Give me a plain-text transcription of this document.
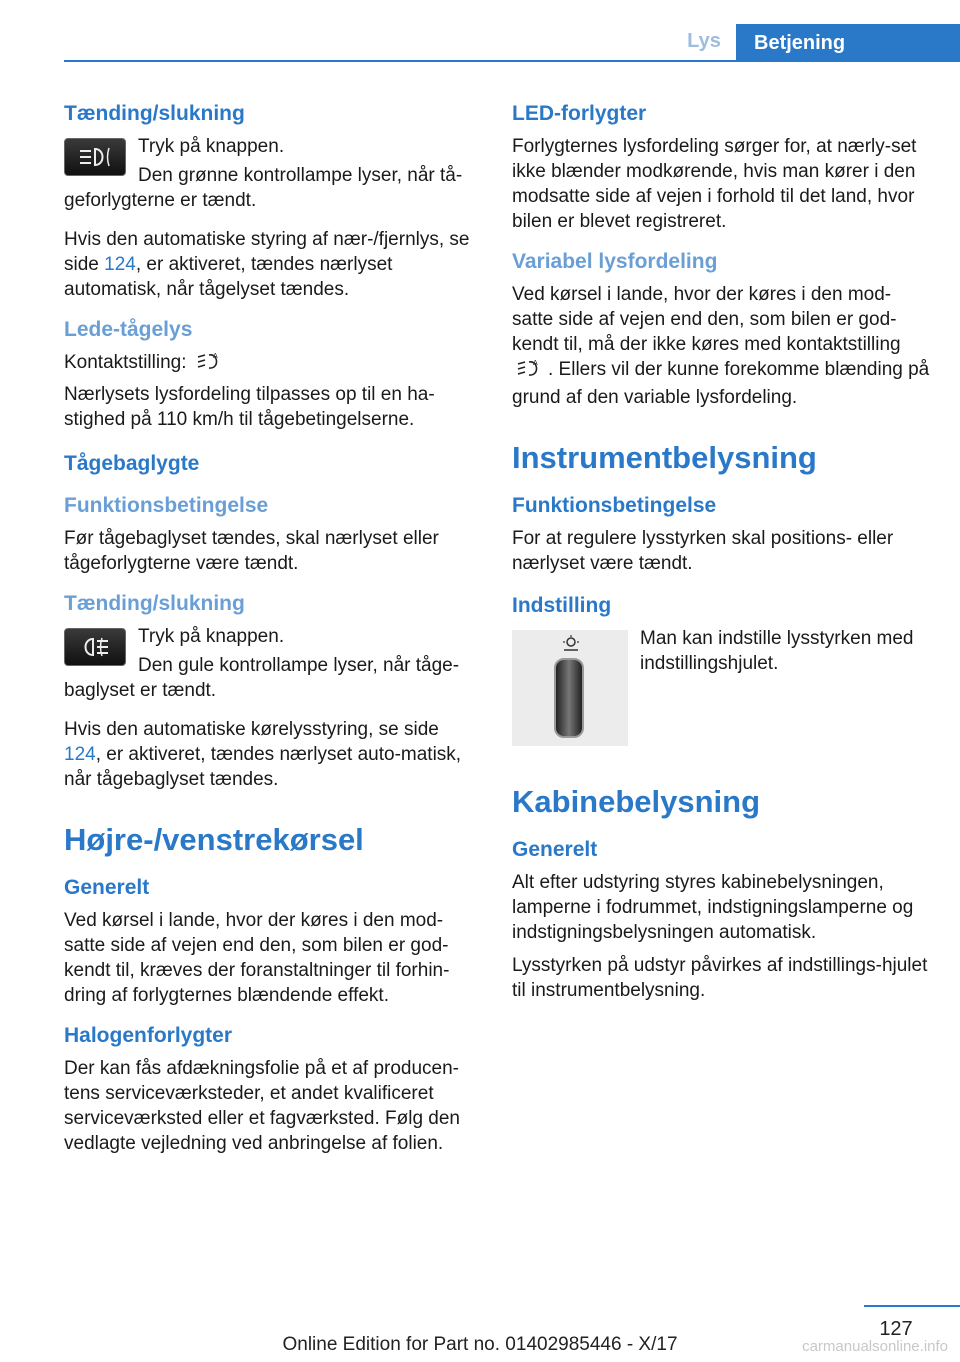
Lys	Betjening
Tænding/slukning

Tryk på knappen.

Den grønne kontrollampe lyser, når tå-geforlygterne er tændt.

Hvis den automatiske styring af nær-/fjernlys, se side 124, er aktiveret, tændes nærlyset automatisk, når tågelyset tændes.

Lede-tågelys

Kontaktstilling:	A

Nærlysets lysfordeling tilpasses op til en ha-stighed på 110 km/h til tågebetingelserne.

Tågebaglygte
Funktionsbetingelse

Før tågebaglyset tændes, skal nærlyset eller tågeforlygterne være tændt.

Tænding/slukning

Tryk på knappen.

Den gule kontrollampe lyser, når tåge-baglyset er tændt.

Hvis den automatiske kørelysstyring, se side 124, er aktiveret, tændes nærlyset auto-matisk, når tågebaglyset tændes.

Højre-/venstrekørsel
Generelt

Ved kørsel i lande, hvor der køres i den mod-satte side af vejen end den, som bilen er god-kendt til, kræves der foranstaltninger til forhin-dring af forlygternes blændende effekt.

Halogenforlygter

Der kan fås afdækningsfolie på et af producen-tens serviceværksteder, et andet kvalificeret serviceværksted eller et fagværksted. Følg den vedlagte vejledning ved anbringelse af folien.

LED-forlygter

Forlygternes lysfordeling sørger for, at nærly-set ikke blænder modkørende, hvis man kører i den modsatte side af vejen i forhold til det land, hvor bilen er blevet registreret.

Variabel lysfordeling

Ved kørsel i lande, hvor der køres i den mod-satte side af vejen end den, som bilen er god-kendt til, må der ikke køres med kontaktstilling
A . Ellers vil der kunne forekomme blænding på grund af den variable lysfordeling.

Instrumentbelysning
Funktionsbetingelse

For at regulere lysstyrken skal positions- eller nærlyset være tændt.

Indstilling

Man kan indstille lysstyrken med indstillingshjulet.

Kabinebelysning
Generelt

Alt efter udstyring styres kabinebelysningen, lamperne i fodrummet, indstigningslamperne og indstigningsbelysningen automatisk.

Lysstyrken på udstyr påvirkes af indstillings-hjulet til instrumentbelysning.

127
Online Edition for Part no. 01402985446 - X/17	carmanualsonline.info
